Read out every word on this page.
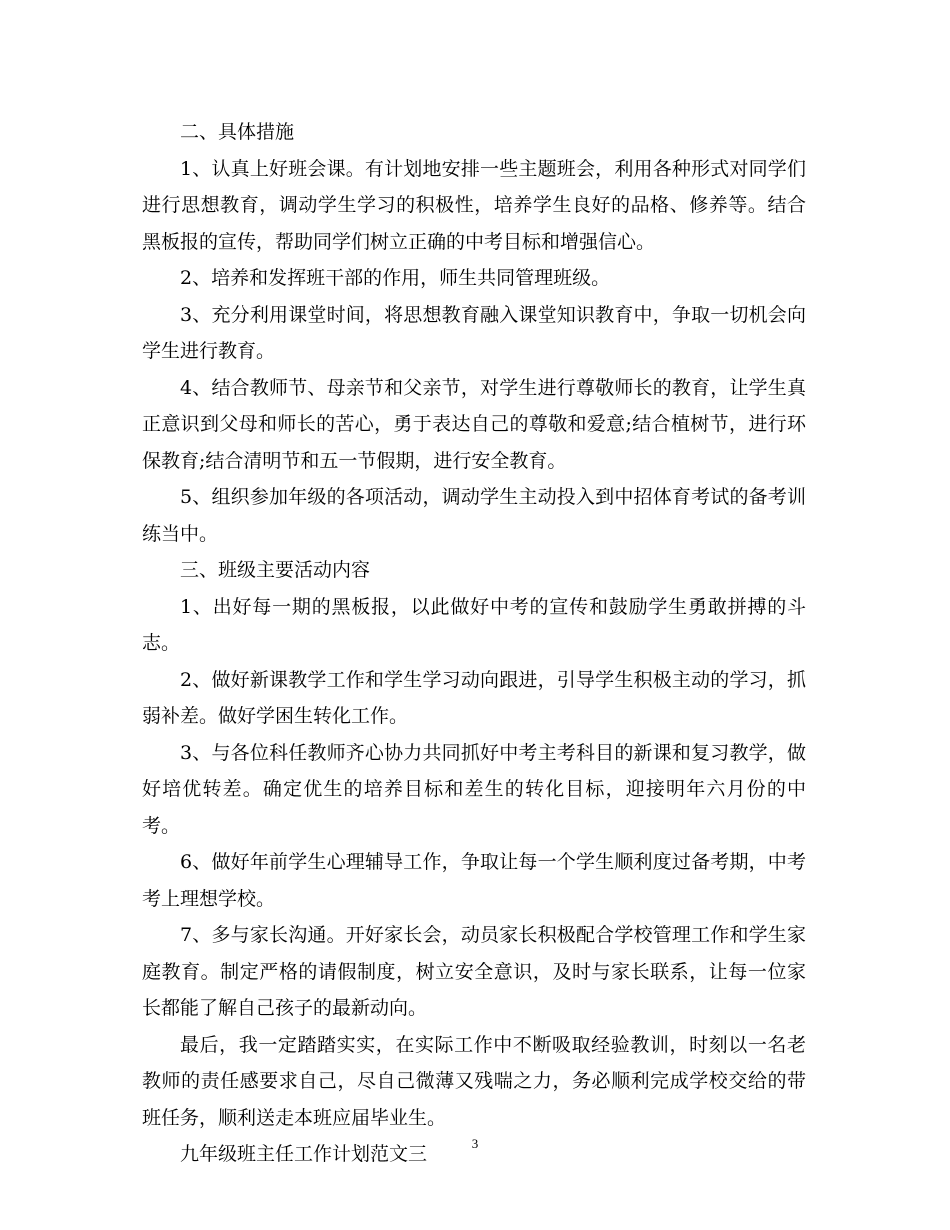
二、具体措施

1、认真上好班会课。有计划地安排一些主题班会，利用各种形式对同学们进行思想教育，调动学生学习的积极性，培养学生良好的品格、修养等。结合黑板报的宣传，帮助同学们树立正确的中考目标和增强信心。

2、培养和发挥班干部的作用，师生共同管理班级。

3、充分利用课堂时间，将思想教育融入课堂知识教育中，争取一切机会向学生进行教育。

4、结合教师节、母亲节和父亲节，对学生进行尊敬师长的教育，让学生真正意识到父母和师长的苦心，勇于表达自己的尊敬和爱意;结合植树节，进行环保教育;结合清明节和五一节假期，进行安全教育。

5、组织参加年级的各项活动，调动学生主动投入到中招体育考试的备考训练当中。

三、班级主要活动内容

1、出好每一期的黑板报，以此做好中考的宣传和鼓励学生勇敢拼搏的斗志。

2、做好新课教学工作和学生学习动向跟进，引导学生积极主动的学习，抓弱补差。做好学困生转化工作。

3、与各位科任教师齐心协力共同抓好中考主考科目的新课和复习教学，做好培优转差。确定优生的培养目标和差生的转化目标，迎接明年六月份的中考。

6、做好年前学生心理辅导工作，争取让每一个学生顺利度过备考期，中考考上理想学校。

7、多与家长沟通。开好家长会，动员家长积极配合学校管理工作和学生家庭教育。制定严格的请假制度，树立安全意识，及时与家长联系，让每一位家长都能了解自己孩子的最新动向。

最后，我一定踏踏实实，在实际工作中不断吸取经验教训，时刻以一名老教师的责任感要求自己，尽自己微薄又残喘之力，务必顺利完成学校交给的带班任务，顺利送走本班应届毕业生。

九年级班主任工作计划范文三	3
